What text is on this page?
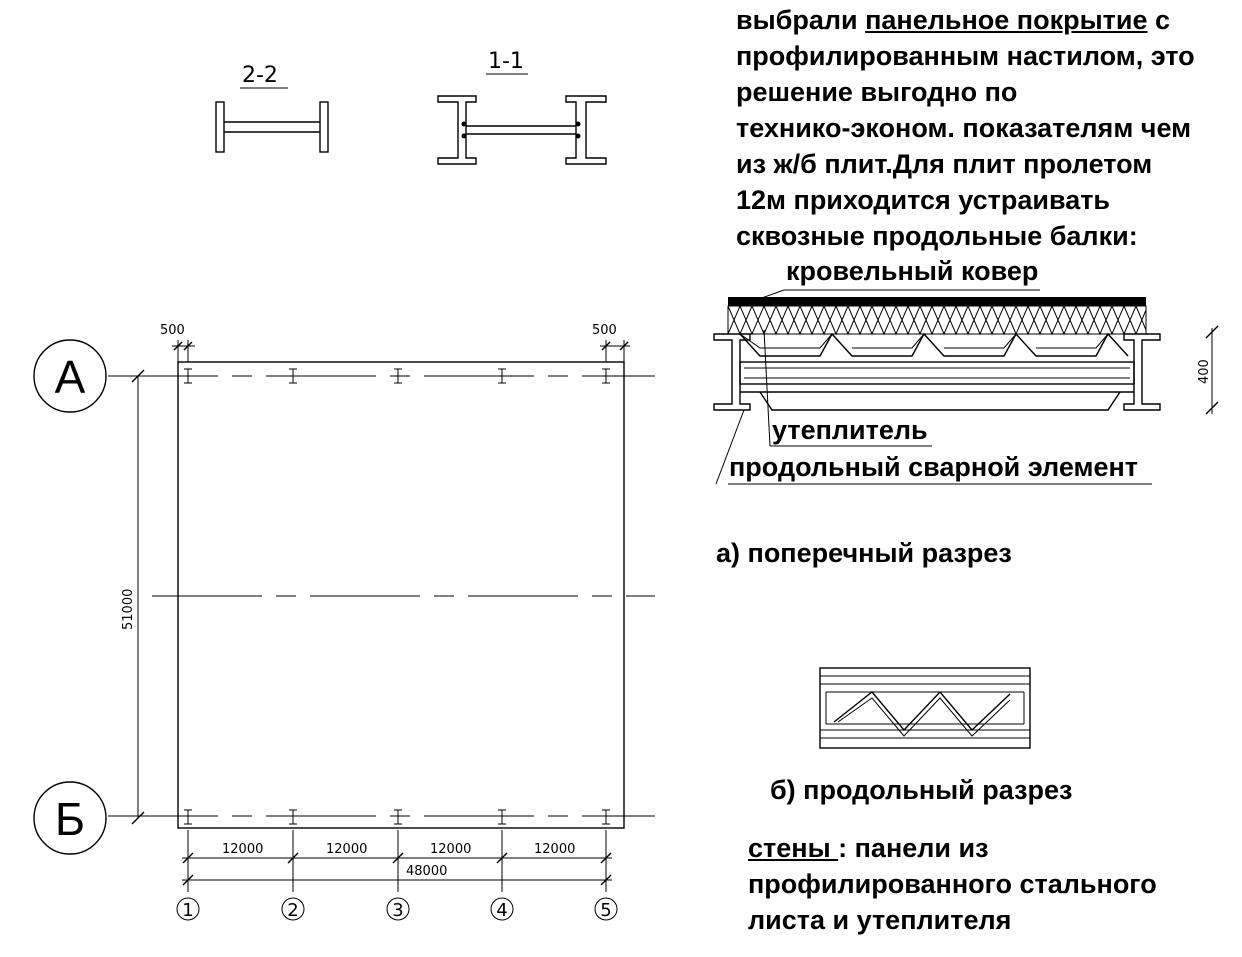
выбрали панельное покрытие с
профилированным настилом, это
решение выгодно по
технико-эконом. показателям чем
из ж/б плит.Для плит пролетом
12м приходится устраивать
сквозные продольные балки:
кровельный ковер
утеплитель
продольный сварной элемент
а) поперечный разрез
б) продольный разрез
стены : панели из
профилированного стального
листа и утеплителя
2-2
1-1
А
Б
51000
500	500
12000	12000	12000	12000
48000
1	2	3	4	5
400
